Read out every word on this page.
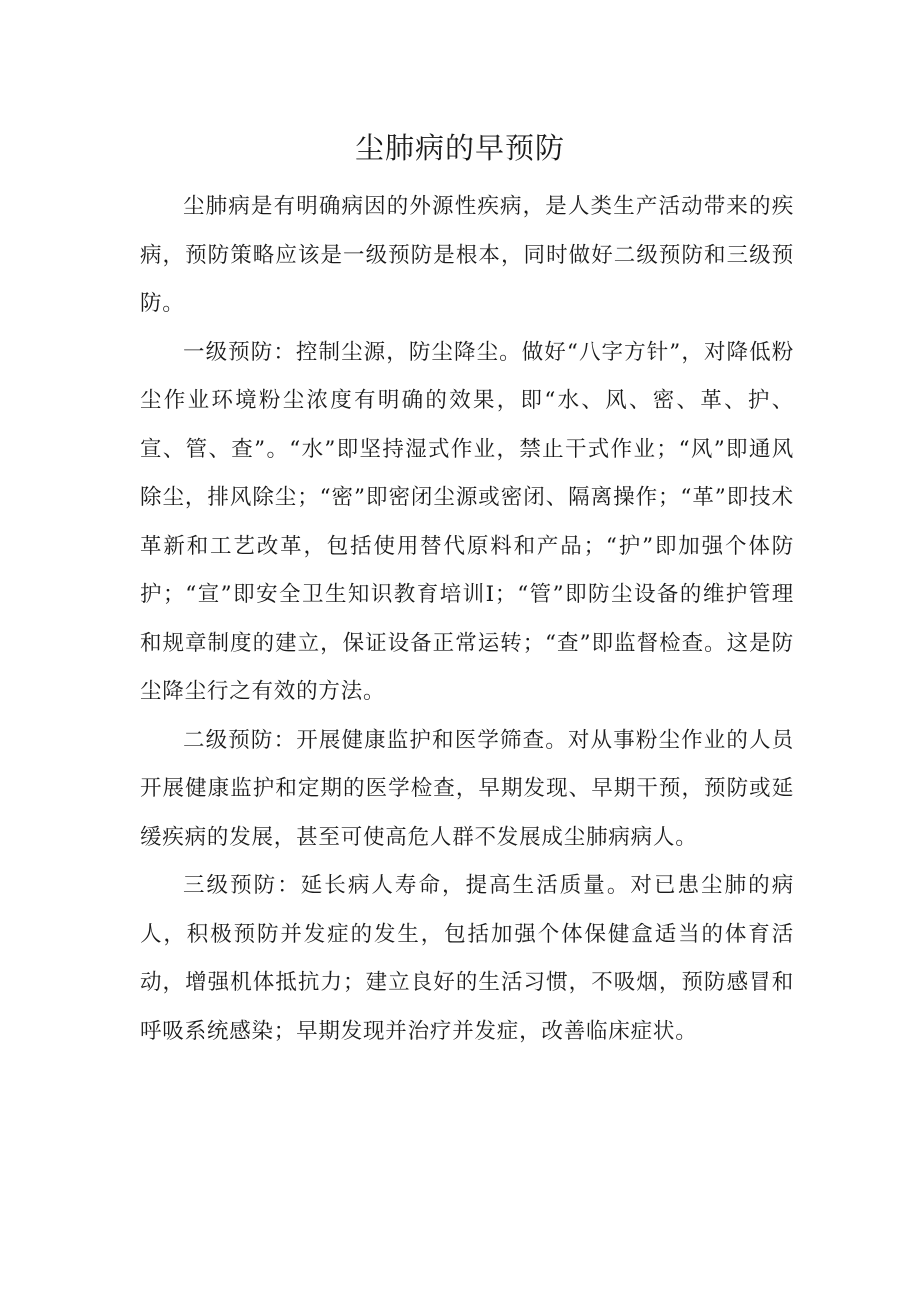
尘肺病的早预防

尘肺病是有明确病因的外源性疾病，是人类生产活动带来的疾病，预防策略应该是一级预防是根本，同时做好二级预防和三级预防。

一级预防：控制尘源，防尘降尘。做好“八字方针”，对降低粉尘作业环境粉尘浓度有明确的效果，即“水、风、密、革、护、宣、管、查”。“水”即坚持湿式作业，禁止干式作业；“风”即通风除尘，排风除尘；“密”即密闭尘源或密闭、隔离操作；“革”即技术革新和工艺改革，包括使用替代原料和产品；“护”即加强个体防护；“宣”即安全卫生知识教育培训I；“管”即防尘设备的维护管理和规章制度的建立，保证设备正常运转；“查”即监督检查。这是防尘降尘行之有效的方法。

二级预防：开展健康监护和医学筛查。对从事粉尘作业的人员开展健康监护和定期的医学检查，早期发现、早期干预，预防或延缓疾病的发展，甚至可使高危人群不发展成尘肺病病人。

三级预防：延长病人寿命，提高生活质量。对已患尘肺的病人，积极预防并发症的发生，包括加强个体保健盒适当的体育活动，增强机体抵抗力；建立良好的生活习惯，不吸烟，预防感冒和呼吸系统感染；早期发现并治疗并发症，改善临床症状。
